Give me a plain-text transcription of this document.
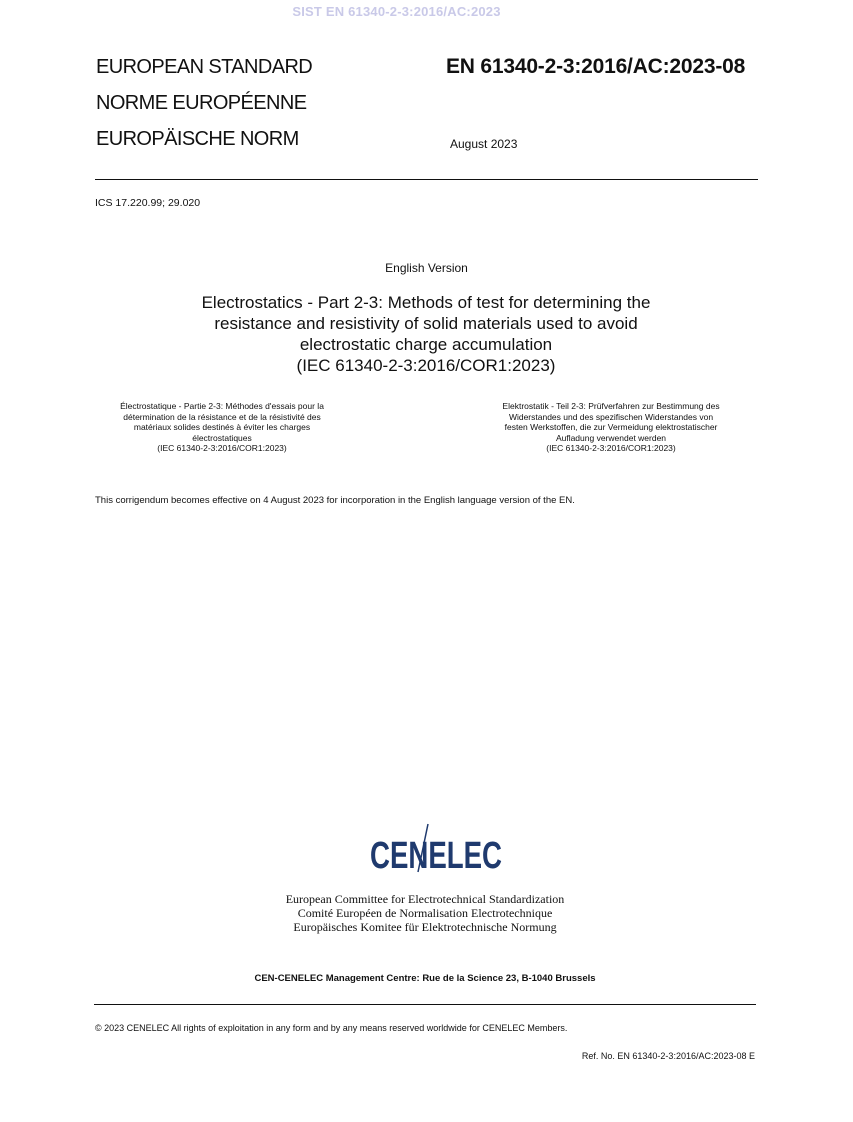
SIST EN 61340-2-3:2016/AC:2023
EUROPEAN STANDARD
NORME EUROPÉENNE
EUROPÄISCHE NORM
EN 61340-2-3:2016/AC:2023-08
August 2023
ICS 17.220.99; 29.020
English Version
Electrostatics - Part 2-3: Methods of test for determining the
resistance and resistivity of solid materials used to avoid
electrostatic charge accumulation
(IEC 61340-2-3:2016/COR1:2023)
Électrostatique - Partie 2-3: Méthodes d'essais pour la
détermination de la résistance et de la résistivité des
matériaux solides destinés à éviter les charges
électrostatiques
(IEC 61340-2-3:2016/COR1:2023)
Elektrostatik - Teil 2-3: Prüfverfahren zur Bestimmung des
Widerstandes und des spezifischen Widerstandes von
festen Werkstoffen, die zur Vermeidung elektrostatischer
Aufladung verwendet werden
(IEC 61340-2-3:2016/COR1:2023)
This corrigendum becomes effective on 4 August 2023 for incorporation in the English language version of the EN.
CENELEC
European Committee for Electrotechnical Standardization
Comité Européen de Normalisation Electrotechnique
Europäisches Komitee für Elektrotechnische Normung
CEN-CENELEC Management Centre: Rue de la Science 23, B-1040 Brussels
© 2023 CENELEC All rights of exploitation in any form and by any means reserved worldwide for CENELEC Members.
Ref. No. EN 61340-2-3:2016/AC:2023-08 E
